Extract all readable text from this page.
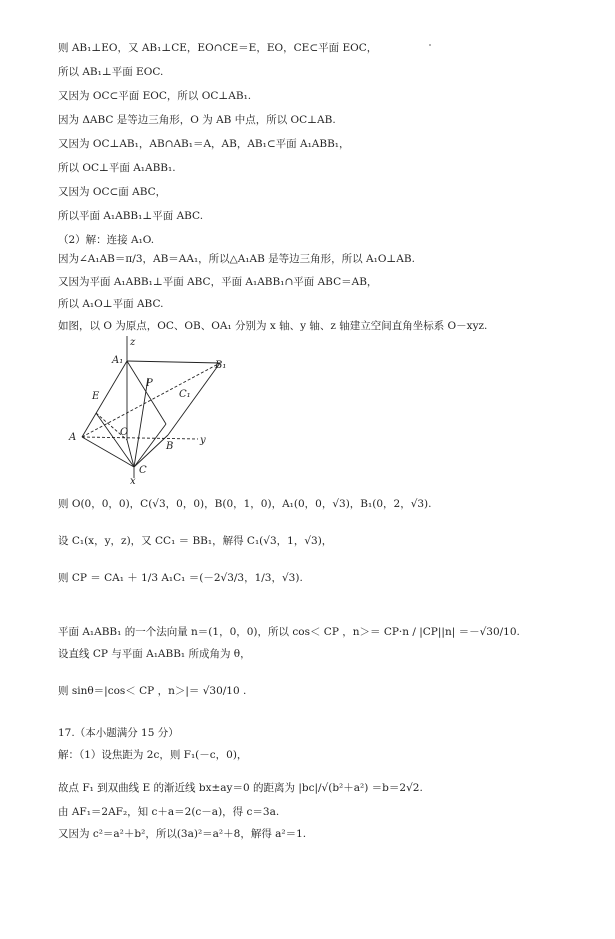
则 AB₁⊥EO，又 AB₁⊥CE，EO∩CE＝E，EO，CE⊂平面 EOC，
所以 AB₁⊥平面 EOC.
又因为 OC⊂平面 EOC，所以 OC⊥AB₁.
因为 ΔABC 是等边三角形，O 为 AB 中点，所以 OC⊥AB.
又因为 OC⊥AB₁，AB∩AB₁＝A，AB，AB₁⊂平面 A₁ABB₁，
所以 OC⊥平面 A₁ABB₁.
又因为 OC⊂面 ABC，
所以平面 A₁ABB₁⊥平面 ABC.
（2）解：连接 A₁O.
因为∠A₁AB＝π/3，AB＝AA₁，所以△A₁AB 是等边三角形，所以 A₁O⊥AB.
又因为平面 A₁ABB₁⊥平面 ABC，平面 A₁ABB₁∩平面 ABC＝AB，
所以 A₁O⊥平面 ABC.
如图，以 O 为原点，OC、OB、OA₁ 分别为 x 轴、y 轴、z 轴建立空间直角坐标系 O－xyz.
A₁	B₁
z
P
C₁
E
A	O
B
y
C
x
则 O(0，0，0)，C(√3，0，0)，B(0，1，0)，A₁(0，0，√3)，B₁(0，2，√3).
设 C₁(x，y，z)，又 CC₁ ＝ BB₁，解得 C₁(√3，1，√3)，
则 CP ＝ CA₁ ＋ 1/3 A₁C₁ ＝(－2√3/3，1/3，√3).
平面 A₁ABB₁ 的一个法向量 n＝(1，0，0)，所以 cos＜ CP ，n＞＝ CP·n / |CP||n| ＝－√30/10.
设直线 CP 与平面 A₁ABB₁ 所成角为 θ，
则 sinθ＝|cos＜ CP ，n＞|＝ √30/10 .
17.（本小题满分 15 分）
解：（1）设焦距为 2c，则 F₁(－c，0)，
故点 F₁ 到双曲线 E 的渐近线 bx±ay＝0 的距离为 |bc|/√(b²＋a²) ＝b＝2√2.
由 AF₁＝2AF₂，知 c＋a＝2(c－a)，得 c＝3a.
又因为 c²＝a²＋b²，所以(3a)²＝a²＋8，解得 a²＝1.
